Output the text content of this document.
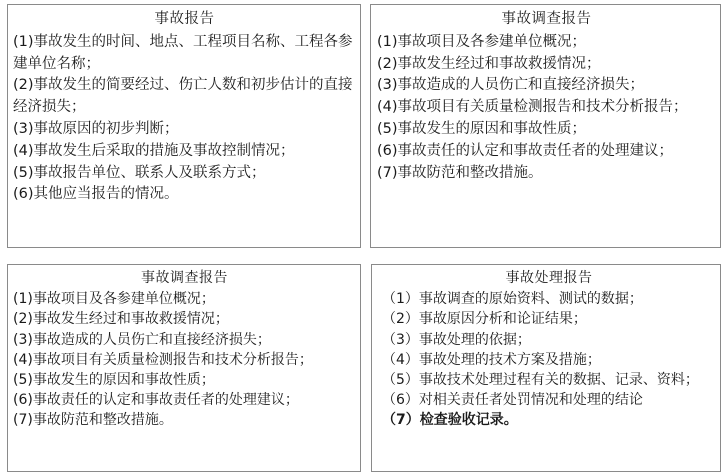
事故报告

(1)事故发生的时间、地点、工程项目名称、工程各参建单位名称；

(2)事故发生的简要经过、伤亡人数和初步估计的直接经济损失；

(3)事故原因的初步判断；

(4)事故发生后采取的措施及事故控制情况；

(5)事故报告单位、联系人及联系方式；

(6)其他应当报告的情况。

事故调查报告

(1)事故项目及各参建单位概况；

(2)事故发生经过和事故救援情况；

(3)事故造成的人员伤亡和直接经济损失；

(4)事故项目有关质量检测报告和技术分析报告；

(5)事故发生的原因和事故性质；

(6)事故责任的认定和事故责任者的处理建议；

(7)事故防范和整改措施。

事故调查报告

(1)事故项目及各参建单位概况；

(2)事故发生经过和事故救援情况；

(3)事故造成的人员伤亡和直接经济损失；

(4)事故项目有关质量检测报告和技术分析报告；

(5)事故发生的原因和事故性质；

(6)事故责任的认定和事故责任者的处理建议；

(7)事故防范和整改措施。

事故处理报告

（1）事故调查的原始资料、测试的数据；

（2）事故原因分析和论证结果；

（3）事故处理的依据；

（4）事故处理的技术方案及措施；

（5）事故技术处理过程有关的数据、记录、资料；

（6）对相关责任者处罚情况和处理的结论

（7）检查验收记录。
